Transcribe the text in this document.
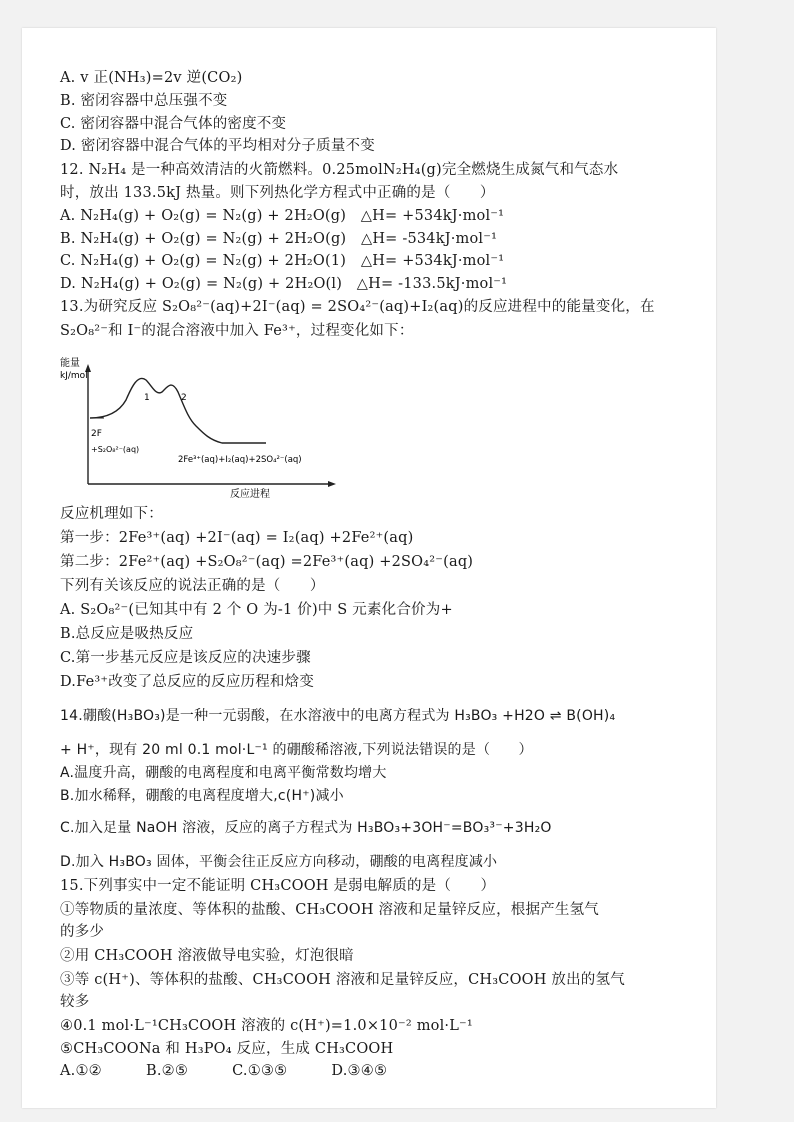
A. v 正(NH₃)=2v 逆(CO₂)
B. 密闭容器中总压强不变
C. 密闭容器中混合气体的密度不变
D. 密闭容器中混合气体的平均相对分子质量不变
12. N₂H₄ 是一种高效清洁的火箭燃料。0.25molN₂H₄(g)完全燃烧生成氮气和气态水
时，放出 133.5kJ 热量。则下列热化学方程式中正确的是（　　）
A. N₂H₄(g) + O₂(g) = N₂(g) + 2H₂O(g)　△H= +534kJ·mol⁻¹
B. N₂H₄(g) + O₂(g) = N₂(g) + 2H₂O(g)　△H= -534kJ·mol⁻¹
C. N₂H₄(g) + O₂(g) = N₂(g) + 2H₂O(1)　△H= +534kJ·mol⁻¹
D. N₂H₄(g) + O₂(g) = N₂(g) + 2H₂O(l)　△H= -133.5kJ·mol⁻¹
13.为研究反应 S₂O₈²⁻(aq)+2I⁻(aq) = 2SO₄²⁻(aq)+I₂(aq)的反应进程中的能量变化，在
S₂O₈²⁻和 I⁻的混合溶液中加入 Fe³⁺，过程变化如下：
能量
kJ/mol
1	2
2F
+S₂O₈²⁻(aq)
2Fe³⁺(aq)+I₂(aq)+2SO₄²⁻(aq)
反应进程
反应机理如下：
第一步：2Fe³⁺(aq) +2I⁻(aq) = I₂(aq) +2Fe²⁺(aq)
第二步：2Fe²⁺(aq) +S₂O₈²⁻(aq) =2Fe³⁺(aq) +2SO₄²⁻(aq)
下列有关该反应的说法正确的是（　　）
A. S₂O₈²⁻(已知其中有 2 个 O 为-1 价)中 S 元素化合价为+
B.总反应是吸热反应
C.第一步基元反应是该反应的决速步骤
D.Fe³⁺改变了总反应的反应历程和焓变
14.硼酸(H₃BO₃)是一种一元弱酸，在水溶液中的电离方程式为 H₃BO₃ +H2O ⇌ B(OH)₄
+ H⁺，现有 20 ml 0.1 mol·L⁻¹ 的硼酸稀溶液,下列说法错误的是（　　）
A.温度升高，硼酸的电离程度和电离平衡常数均增大
B.加水稀释，硼酸的电离程度增大,c(H⁺)减小
C.加入足量 NaOH 溶液，反应的离子方程式为 H₃BO₃+3OH⁻=BO₃³⁻+3H₂O
D.加入 H₃BO₃ 固体，平衡会往正反应方向移动，硼酸的电离程度减小
15.下列事实中一定不能证明 CH₃COOH 是弱电解质的是（　　）
①等物质的量浓度、等体积的盐酸、CH₃COOH 溶液和足量锌反应，根据产生氢气
的多少
②用 CH₃COOH 溶液做导电实验，灯泡很暗
③等 c(H⁺)、等体积的盐酸、CH₃COOH 溶液和足量锌反应，CH₃COOH 放出的氢气
较多
④0.1 mol·L⁻¹CH₃COOH 溶液的 c(H⁺)=1.0×10⁻² mol·L⁻¹
⑤CH₃COONa 和 H₃PO₄ 反应，生成 CH₃COOH
A.①②　　　B.②⑤　　　C.①③⑤　　　D.③④⑤
